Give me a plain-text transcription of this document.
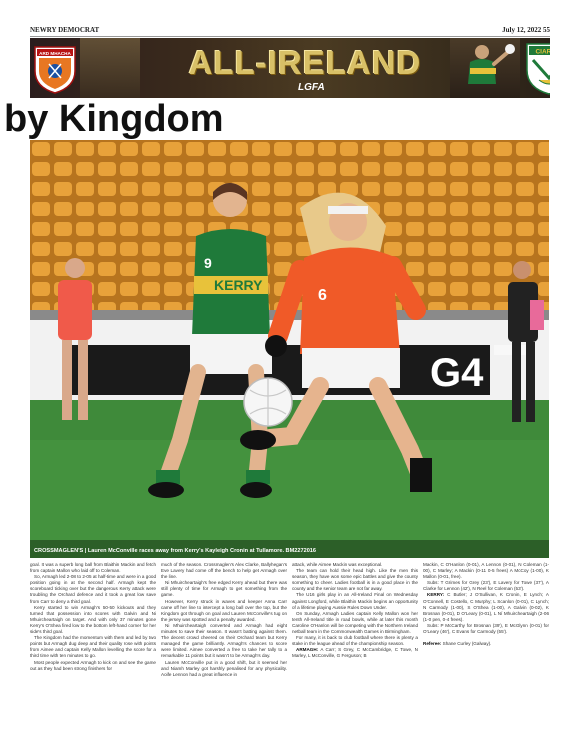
NEWRY DEMOCRAT	July 12, 2022 55
ARD MHACHA	ALL-IRELAND
LGFA
CIARRAÍ
by Kingdom
G4
KERRY
9
6
CROSSMAGLEN'S | Lauren McConville races away from Kerry's Kayleigh Cronin at Tullamore. BM2272016

goal. It was a superb long ball from Blaithin Mackin and fetch from captain Mallon who laid off to Coleman.

So, Armagh led 2-08 to 2-05 at half-time and were in a good position going in at the second half. Armagh kept the scoreboard ticking over but the dangerous Kerry attack were troubling the Orchard defence and it took a great low save from Carr to deny a third goal.

Kerry started to win Armagh's 50-50 kickouts and they turned that possession into scores with Galvin and Ni Mhuircheartaigh on target. And with only 37 minutes gone Kerry's O'Shea fired low to the bottom left-hand corner for her side's third goal.

The Kingdom had the momentum with them and led by two points but Armagh dug deep and their quality rose with points from Aimee and captain Kelly Mallon levelling the score for a third time with ten minutes to go.

Most people expected Armagh to kick on and see the game out as they had been strong finishers for

much of the season. Crossmaglen's Alex Clarke, Ballyhegan's Eve Lavery had come off the bench to help get Armagh over the line.

Ni Mhuircheartaigh's free edged Kerry ahead but there was still plenty of time for Armagh to get something from the game.

However, Kerry struck in waves and keeper Anna Carr came off her line to intercept a long ball over the top, but the Kingdom got through on goal and Lauren McConville's tug on the jersey was spotted and a penalty awarded.

Ni Mhuircheartaigh converted and Armagh had eight minutes to save their season. It wasn't batting against them. The decent crowd cheered on their Orchard team but Kerry managed the game brilliantly. Armagh's chances to score were limited. Aimee converted a free to take her tally to a remarkable 11 points but it wasn't to be Armagh's day.

Lauren McConville put in a good shift, but it seemed her and Niamh Marley got harshly penalised for any physicality. Aoife Lennon had a great influence in

attack, while Aimee Mackin was exceptional.

The team can hold their head high. Like the men this season, they have won some epic battles and give the county something to cheer. Ladies football is in a good place in the county and the senior team are not far away.

The U16 girls play in an All-Ireland Final on Wednesday against Longford, while Blaithin Mackin begins an opportunity of a lifetime playing Aussie Rules Down Under.

On Sunday, Armagh Ladies captain Kelly Mallon won her tenth All-Ireland title in road bowls, while at later this month Caroline O'Hanlon will be competing with the Northern Ireland netball team in the Commonwealth Games in Birmingham.

For many, it is back to club football where there is plenty a stake in the league ahead of the championship season.

ARMAGH: A Carr; S Grey, C McCambridge, C Towe, N Marley, L McConville, G Ferguson; B

Mackin, C O'Hanlon (0-01), A Lennon (0-01), N Coleman (1-00), C Marley; A Mackin (0-11 0-5 frees) A McCoy (1-00), K Mallon (0-01, free).

Subs: T Grimes for Grey (23'), E Lavery for Towe (37'), A Clarke for Lennon (42'), N Reel for Coleman (53').

KERRY: C Butler; J O'Sullivan, K Cronin, E Lynch; A O'Connell, E Costello, C Murphy; L Scanlon (0-01), C Lynch; N Carmody (1-00), S O'Shea (1-00), A Galvin (0-02), K Brosnan (0-01), D O'Leary (0-01), L Ní Mhuircheartaigh (2-06 (1-0 pen, 0-4 frees).

Subs: P McCarthy for Brosnan (39'), E McGlynn (0-01) for O'Leary (46'), C Evans for Carmody (55').

Referee: Shane Curley (Galway).
